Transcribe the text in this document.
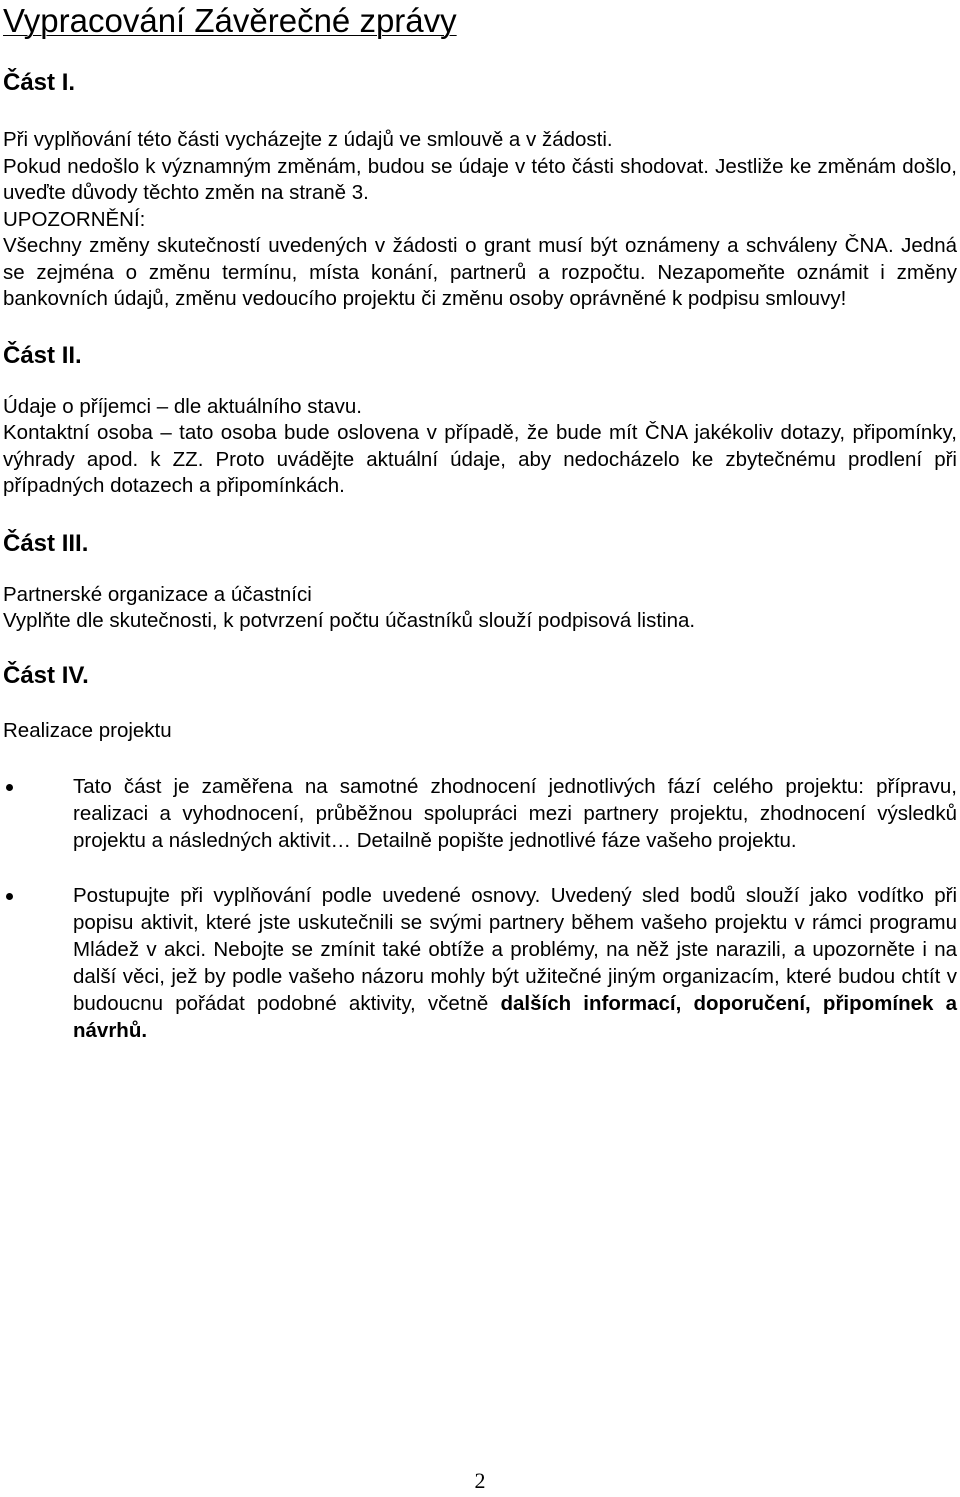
Vypracování Závěrečné zprávy
Část I.

Při vyplňování této části vycházejte z údajů ve smlouvě a v žádosti.

Pokud nedošlo k významným změnám, budou se údaje v této části shodovat. Jestliže ke změnám došlo, uveďte důvody těchto změn na straně 3.

UPOZORNĚNÍ:

Všechny změny skutečností uvedených v žádosti o grant musí být oznámeny a schváleny ČNA. Jedná se zejména o změnu termínu, místa konání, partnerů a rozpočtu. Nezapomeňte oznámit i změny bankovních údajů, změnu vedoucího projektu či změnu osoby oprávněné k podpisu smlouvy!

Část II.

Údaje o příjemci – dle aktuálního stavu.

Kontaktní osoba – tato osoba bude oslovena v případě, že bude mít ČNA jakékoliv dotazy, připomínky, výhrady apod. k ZZ. Proto uvádějte aktuální údaje, aby nedocházelo ke zbytečnému prodlení při případných dotazech a připomínkách.

Část III.

Partnerské organizace a účastníci

Vyplňte dle skutečnosti, k potvrzení počtu účastníků slouží podpisová listina.

Část IV.

Realizace projektu

Tato část je zaměřena na samotné zhodnocení jednotlivých fází celého projektu: přípravu, realizaci a vyhodnocení, průběžnou spolupráci mezi partnery projektu, zhodnocení výsledků projektu a následných aktivit… Detailně popište jednotlivé fáze vašeho projektu.
Postupujte při vyplňování podle uvedené osnovy. Uvedený sled bodů slouží jako vodítko při popisu aktivit, které jste uskutečnili se svými partnery během vašeho projektu v rámci programu Mládež v akci. Nebojte se zmínit také obtíže a problémy, na něž jste narazili, a upozorněte i na další věci, jež by podle vašeho názoru mohly být užitečné jiným organizacím, které budou chtít v budoucnu pořádat podobné aktivity, včetně dalších informací, doporučení, připomínek a návrhů.
2
